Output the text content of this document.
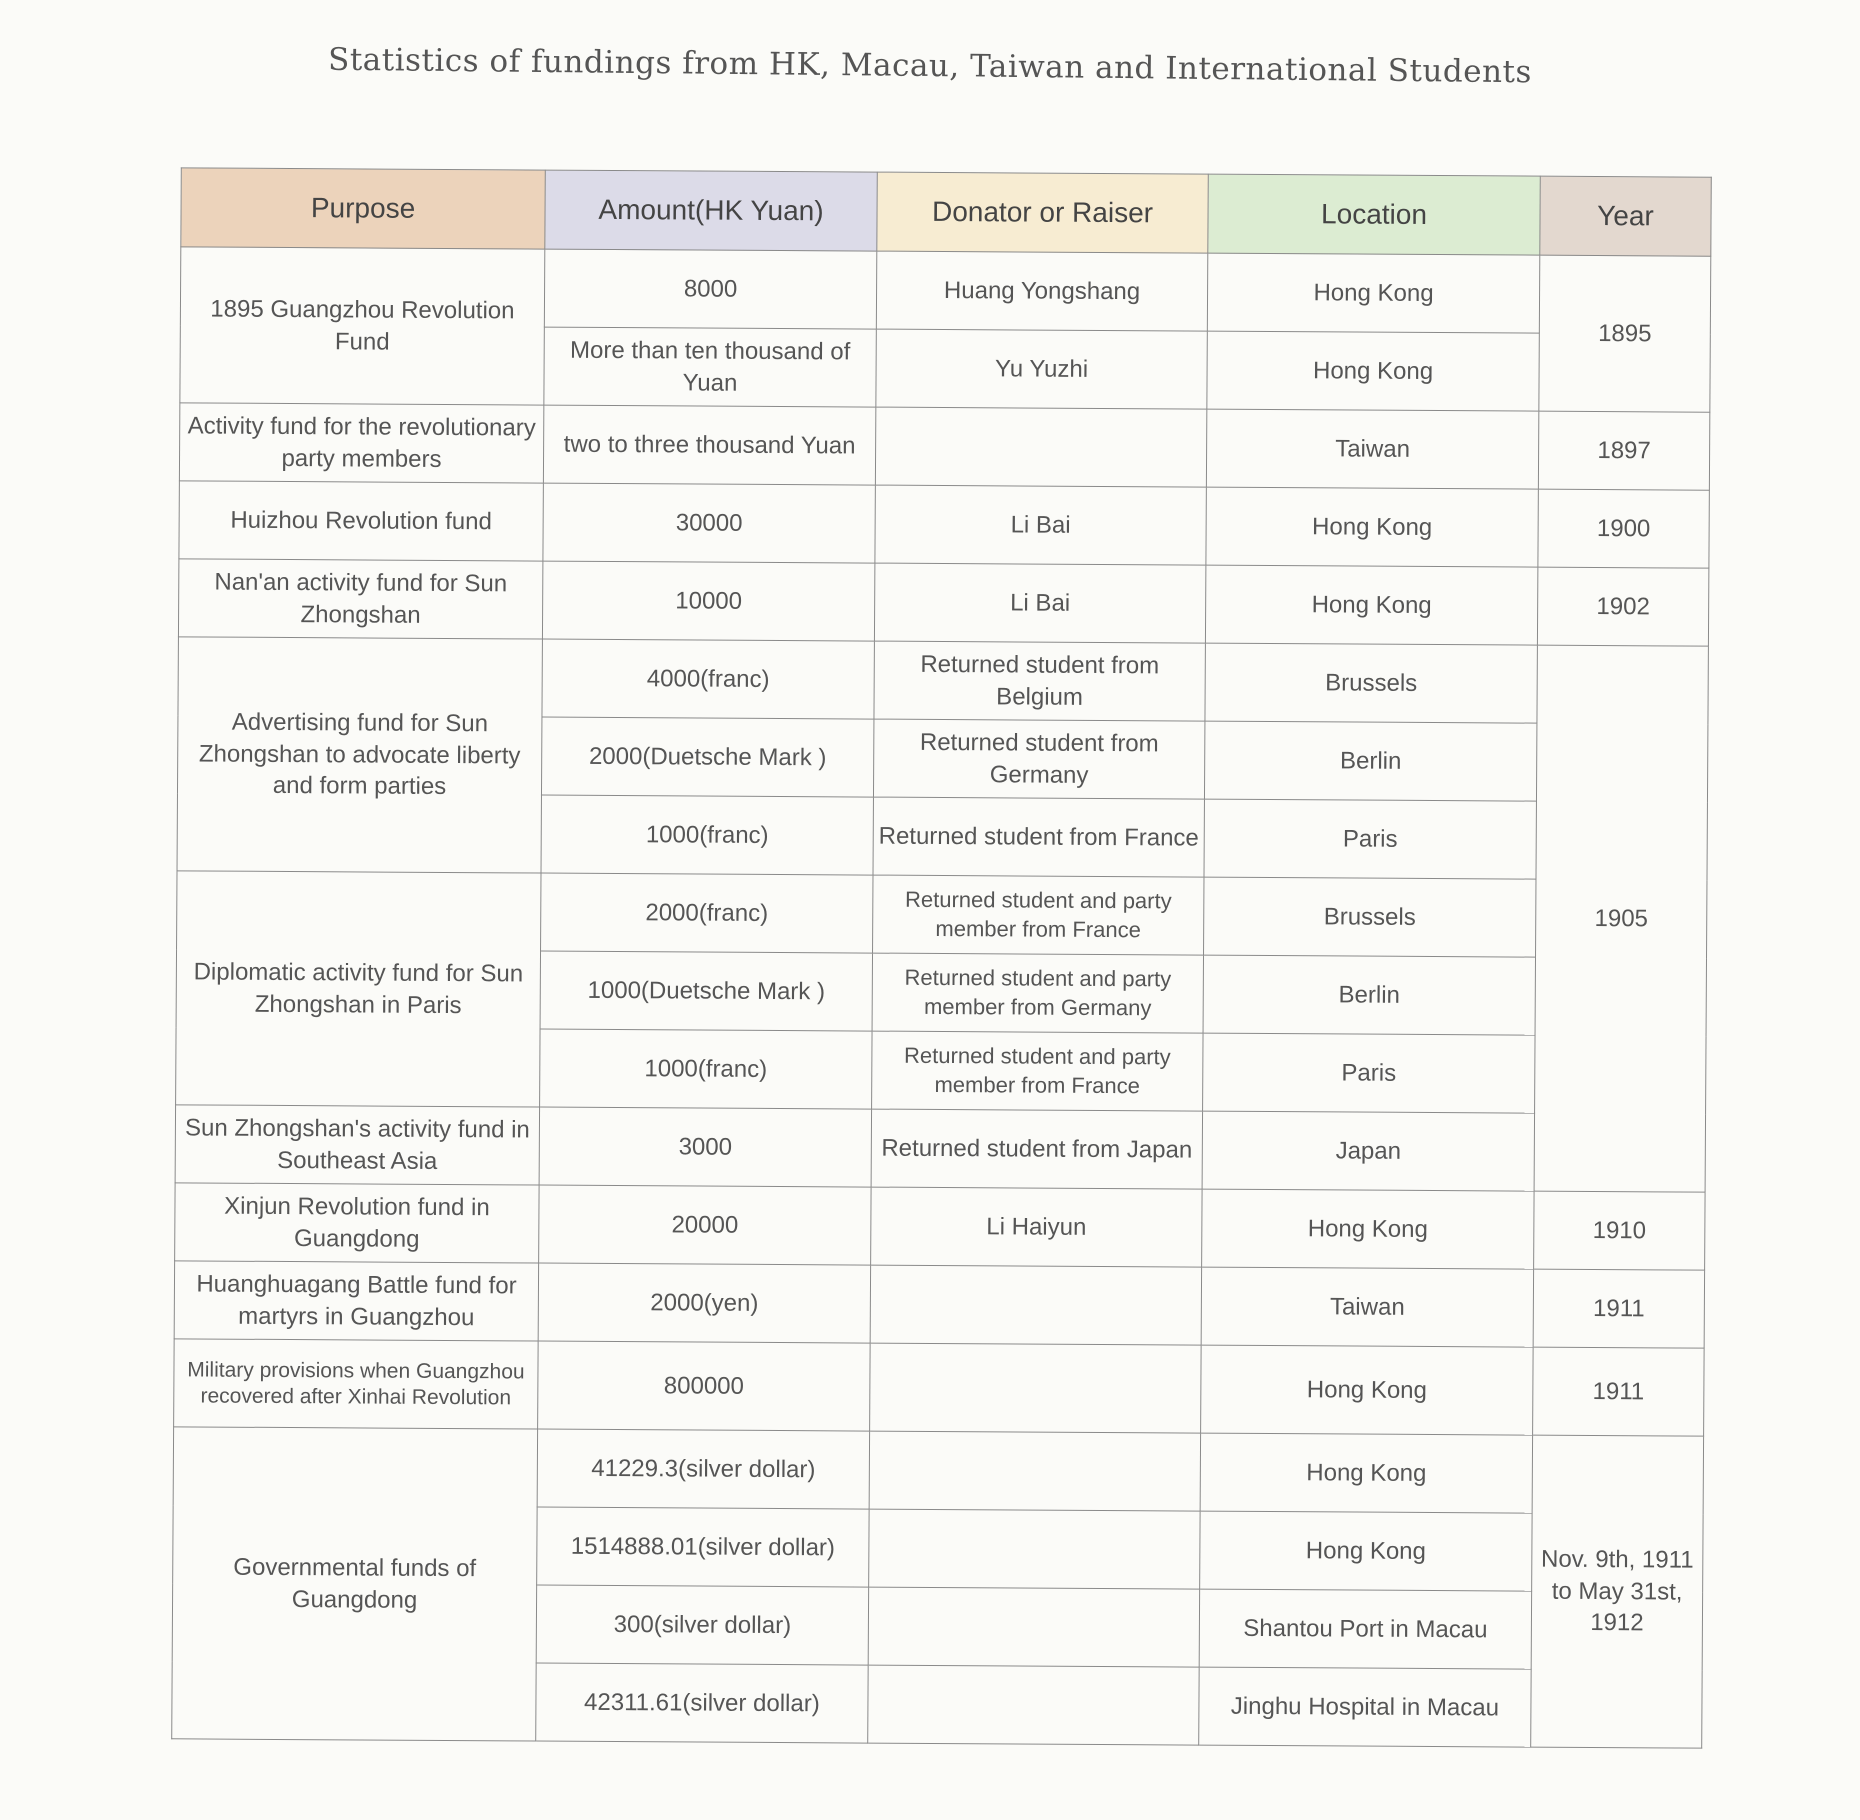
Statistics of fundings from HK, Macau, Taiwan and International Students
Purpose	Amount(HK Yuan)	Donator or Raiser	Location	Year
1895 Guangzhou Revolution Fund	8000	Huang Yongshang	Hong Kong	1895
	More than ten thousand of Yuan	Yu Yuzhi	Hong Kong	
Activity fund for the revolutionary party members	two to three thousand Yuan		Taiwan	1897
Huizhou Revolution fund	30000	Li Bai	Hong Kong	1900
Nan'an activity fund for Sun Zhongshan	10000	Li Bai	Hong Kong	1902
Advertising fund for Sun Zhongshan to advocate liberty and form parties	4000(franc)	Returned student from Belgium	Brussels	1905
	2000(Duetsche Mark )	Returned student from Germany	Berlin	
	1000(franc)	Returned student from France	Paris	
Diplomatic activity fund for Sun Zhongshan in Paris	2000(franc)	Returned student and party member from France	Brussels	
	1000(Duetsche Mark )	Returned student and party member from Germany	Berlin	
	1000(franc)	Returned student and party member from France	Paris	
Sun Zhongshan's activity fund in Southeast Asia	3000	Returned student from Japan	Japan	
Xinjun Revolution fund in Guangdong	20000	Li Haiyun	Hong Kong	1910
Huanghuagang Battle fund for martyrs in Guangzhou	2000(yen)		Taiwan	1911
Military provisions when Guangzhou recovered after Xinhai Revolution	800000		Hong Kong	1911
Governmental funds of Guangdong	41229.3(silver dollar)		Hong Kong	Nov. 9th, 1911 to May 31st, 1912
	1514888.01(silver dollar)		Hong Kong	
	300(silver dollar)		Shantou Port in Macau	
	42311.61(silver dollar)		Jinghu Hospital in Macau	
